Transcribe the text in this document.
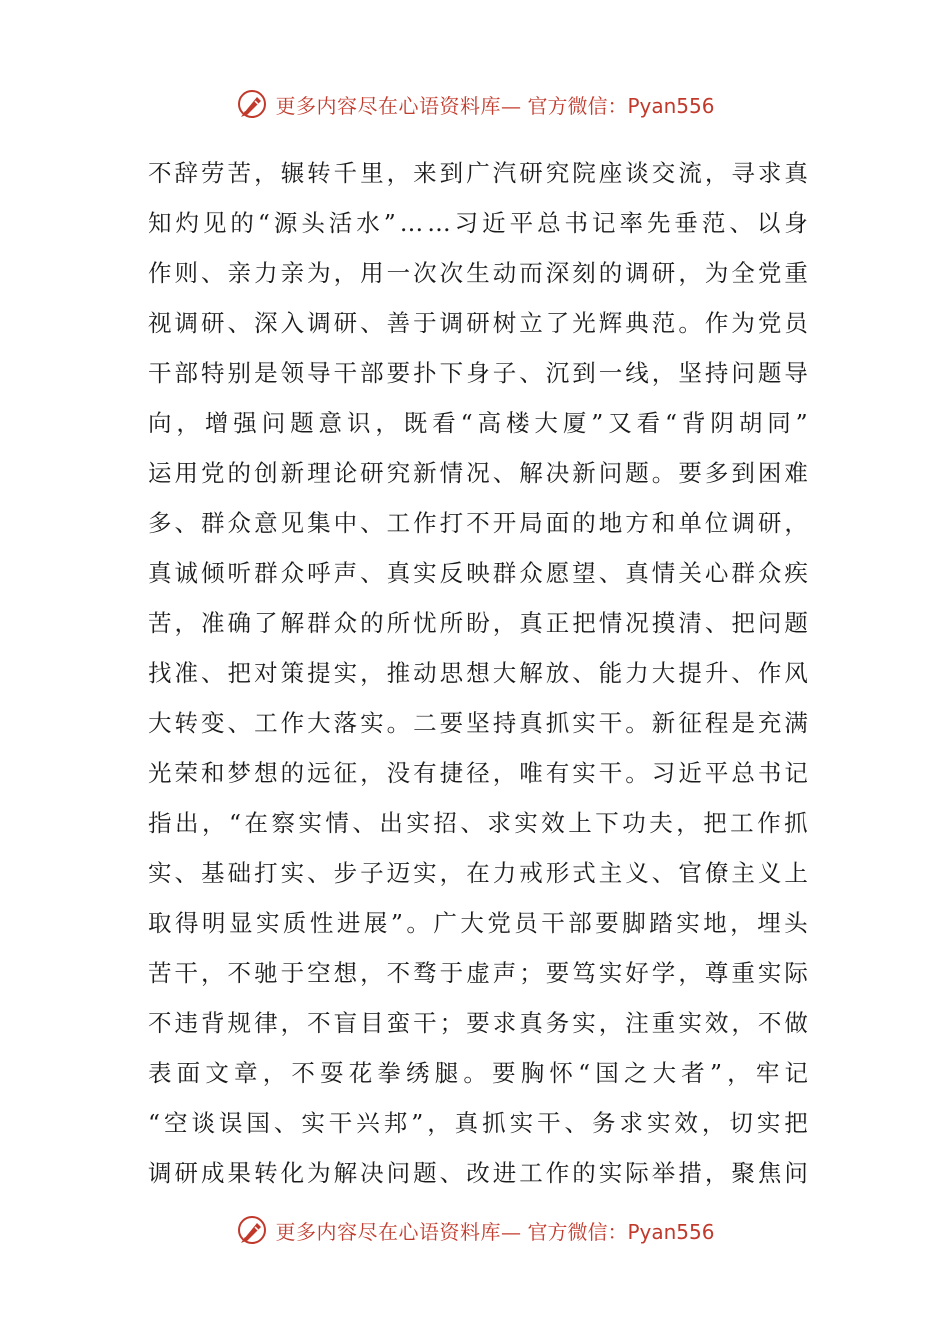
更多内容尽在心语资料库— 官方微信：Pyan556
不 辞 劳 苦 ， 辗 转 千 里 ， 来 到 广 汽 研 究 院 座 谈 交 流 ， 寻 求 真
知 灼 见 的 “ 源 头 活 水 ” … … 习 近 平 总 书 记 率 先 垂 范 、 以 身
作 则 、 亲 力 亲 为 ， 用 一 次 次 生 动 而 深 刻 的 调 研 ， 为 全 党 重
视 调 研 、 深 入 调 研 、 善 于 调 研 树 立 了 光 辉 典 范 。 作 为 党 员
干 部 特 别 是 领 导 干 部 要 扑 下 身 子 、 沉 到 一 线 ， 坚 持 问 题 导
向 ， 增 强 问 题 意 识 ， 既 看 “ 高 楼 大 厦 ” 又 看 “ 背 阴 胡 同 ”
运 用 党 的 创 新 理 论 研 究 新 情 况 、 解 决 新 问 题 。 要 多 到 困 难
多 、 群 众 意 见 集 中 、 工 作 打 不 开 局 面 的 地 方 和 单 位 调 研 ，
真 诚 倾 听 群 众 呼 声 、 真 实 反 映 群 众 愿 望 、 真 情 关 心 群 众 疾
苦 ， 准 确 了 解 群 众 的 所 忧 所 盼 ， 真 正 把 情 况 摸 清 、 把 问 题
找 准 、 把 对 策 提 实 ， 推 动 思 想 大 解 放 、 能 力 大 提 升 、 作 风
大 转 变 、 工 作 大 落 实 。 二 要 坚 持 真 抓 实 干 。 新 征 程 是 充 满
光 荣 和 梦 想 的 远 征 ， 没 有 捷 径 ， 唯 有 实 干 。 习 近 平 总 书 记
指 出 ， “ 在 察 实 情 、 出 实 招 、 求 实 效 上 下 功 夫 ， 把 工 作 抓
实 、 基 础 打 实 、 步 子 迈 实 ， 在 力 戒 形 式 主 义 、 官 僚 主 义 上
取 得 明 显 实 质 性 进 展 ” 。 广 大 党 员 干 部 要 脚 踏 实 地 ， 埋 头
苦 干 ， 不 驰 于 空 想 ， 不 骛 于 虚 声 ； 要 笃 实 好 学 ， 尊 重 实 际
不 违 背 规 律 ， 不 盲 目 蛮 干 ； 要 求 真 务 实 ， 注 重 实 效 ， 不 做
表 面 文 章 ， 不 耍 花 拳 绣 腿 。 要 胸 怀 “ 国 之 大 者 ” ， 牢 记
“ 空 谈 误 国 、 实 干 兴 邦 ” ， 真 抓 实 干 、 务 求 实 效 ， 切 实 把
调 研 成 果 转 化 为 解 决 问 题 、 改 进 工 作 的 实 际 举 措 ， 聚 焦 问
更多内容尽在心语资料库— 官方微信：Pyan556
